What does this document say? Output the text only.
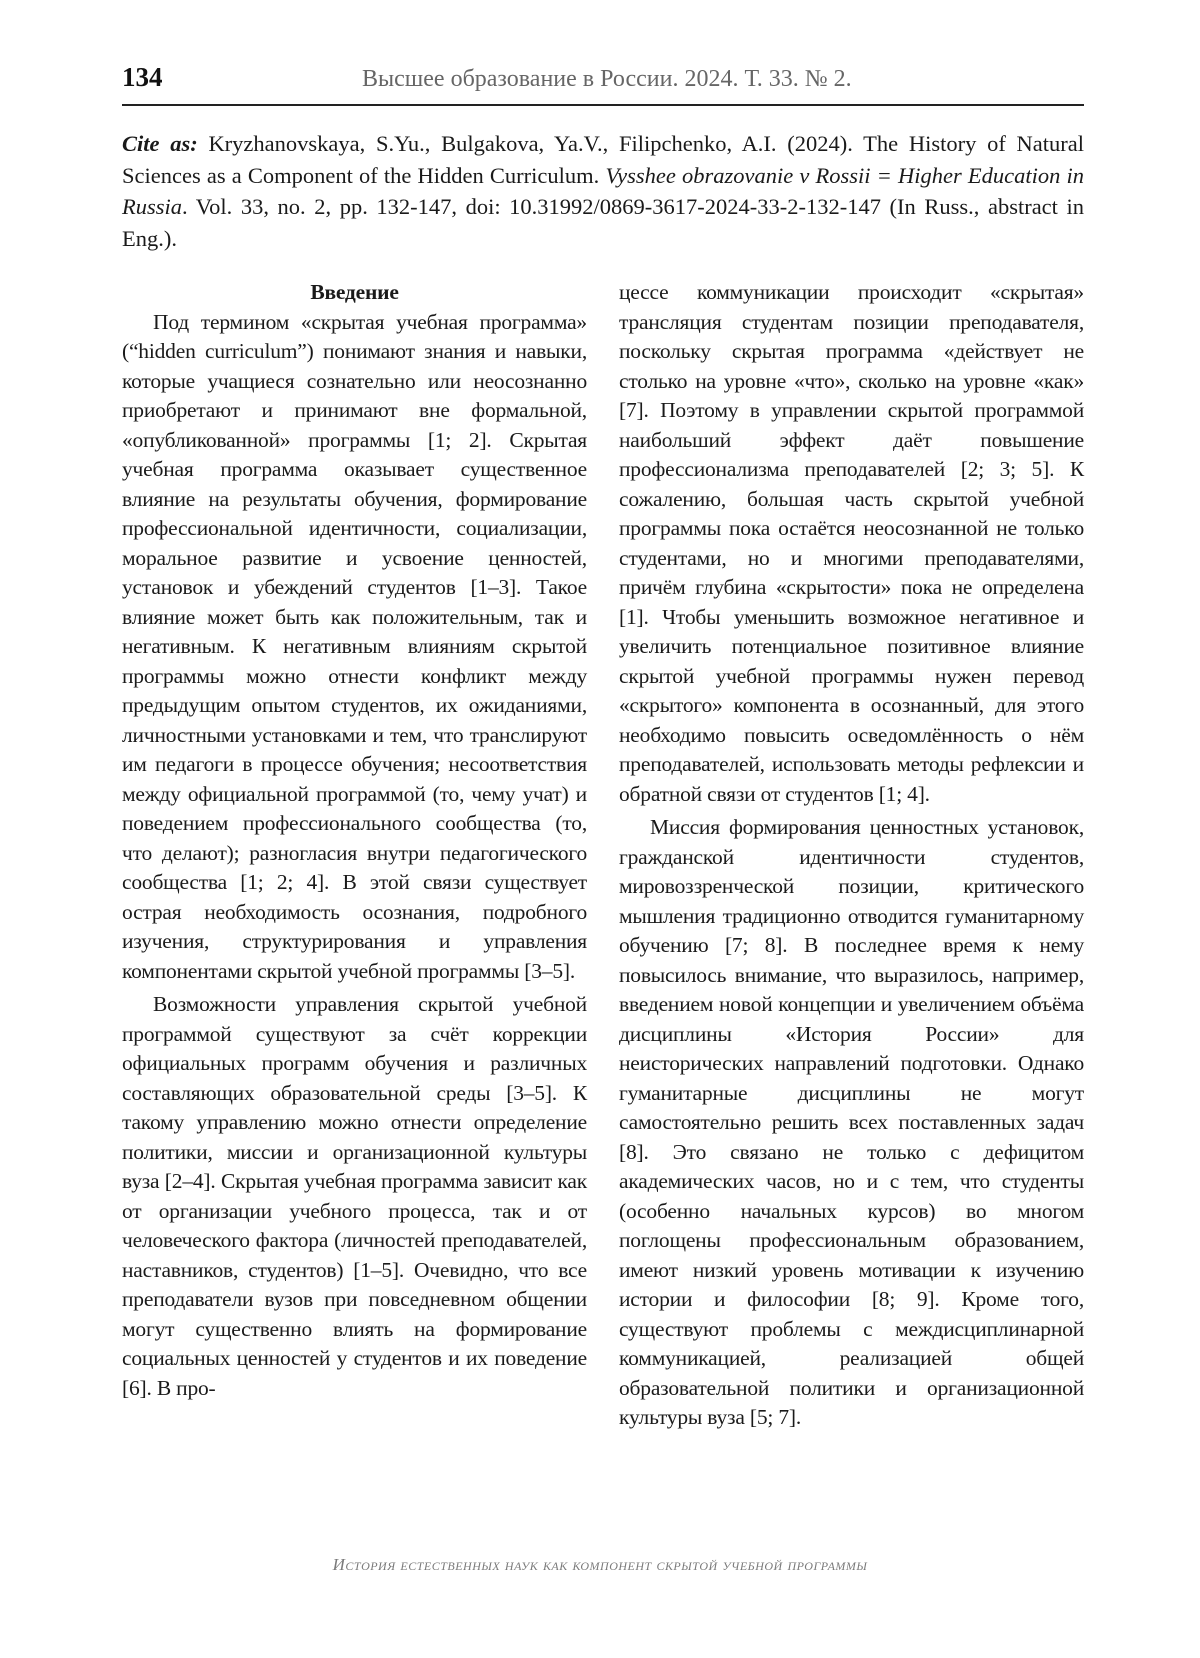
134	Высшее образование в России. 2024. Т. 33. № 2.
Cite as: Kryzhanovskaya, S.Yu., Bulgakova, Ya.V., Filipchenko, A.I. (2024). The History of Natural Sciences as a Component of the Hidden Curriculum. Vysshee obrazovanie v Rossii = Higher Education in Russia. Vol. 33, no. 2, pp. 132-147, doi: 10.31992/0869-3617-2024-33-2-132-147 (In Russ., abstract in Eng.).

Введение

Под термином «скрытая учебная программа» (“hidden curriculum”) понимают знания и навыки, которые учащиеся сознательно или неосознанно приобретают и принимают вне формальной, «опубликованной» программы [1; 2]. Скрытая учебная программа оказывает существенное влияние на результаты обучения, формирование профессиональной идентичности, социализации, моральное развитие и усвоение ценностей, установок и убеждений студентов [1–3]. Такое влияние может быть как положительным, так и негативным. К негативным влияниям скрытой программы можно отнести конфликт между предыдущим опытом студентов, их ожиданиями, личностными установками и тем, что транслируют им педагоги в процессе обучения; несоответствия между официальной программой (то, чему учат) и поведением профессионального сообщества (то, что делают); разногласия внутри педагогического сообщества [1; 2; 4]. В этой связи существует острая необходимость осознания, подробного изучения, структурирования и управления компонентами скрытой учебной программы [3–5].

Возможности управления скрытой учебной программой существуют за счёт коррекции официальных программ обучения и различных составляющих образовательной среды [3–5]. К такому управлению можно отнести определение политики, миссии и организационной культуры вуза [2–4]. Скрытая учебная программа зависит как от организации учебного процесса, так и от человеческого фактора (личностей преподавателей, наставников, студентов) [1–5]. Очевидно, что все преподаватели вузов при повседневном общении могут существенно влиять на формирование социальных ценностей у студентов и их поведение [6]. В про-

цессе коммуникации происходит «скрытая» трансляция студентам позиции преподавателя, поскольку скрытая программа «действует не столько на уровне «что», сколько на уровне «как» [7]. Поэтому в управлении скрытой программой наибольший эффект даёт повышение профессионализма преподавателей [2; 3; 5]. К сожалению, большая часть скрытой учебной программы пока остаётся неосознанной не только студентами, но и многими преподавателями, причём глубина «скрытости» пока не определена [1]. Чтобы уменьшить возможное негативное и увеличить потенциальное позитивное влияние скрытой учебной программы нужен перевод «скрытого» компонента в осознанный, для этого необходимо повысить осведомлённость о нём преподавателей, использовать методы рефлексии и обратной связи от студентов [1; 4].

Миссия формирования ценностных установок, гражданской идентичности студентов, мировоззренческой позиции, критического мышления традиционно отводится гуманитарному обучению [7; 8]. В последнее время к нему повысилось внимание, что выразилось, например, введением новой концепции и увеличением объёма дисциплины «История России» для неисторических направлений подготовки. Однако гуманитарные дисциплины не могут самостоятельно решить всех поставленных задач [8]. Это связано не только с дефицитом академических часов, но и с тем, что студенты (особенно начальных курсов) во многом поглощены профессиональным образованием, имеют низкий уровень мотивации к изучению истории и философии [8; 9]. Кроме того, существуют проблемы с междисциплинарной коммуникацией, реализацией общей образовательной политики и организационной культуры вуза [5; 7].

История естественных наук как компонент скрытой учебной программы
